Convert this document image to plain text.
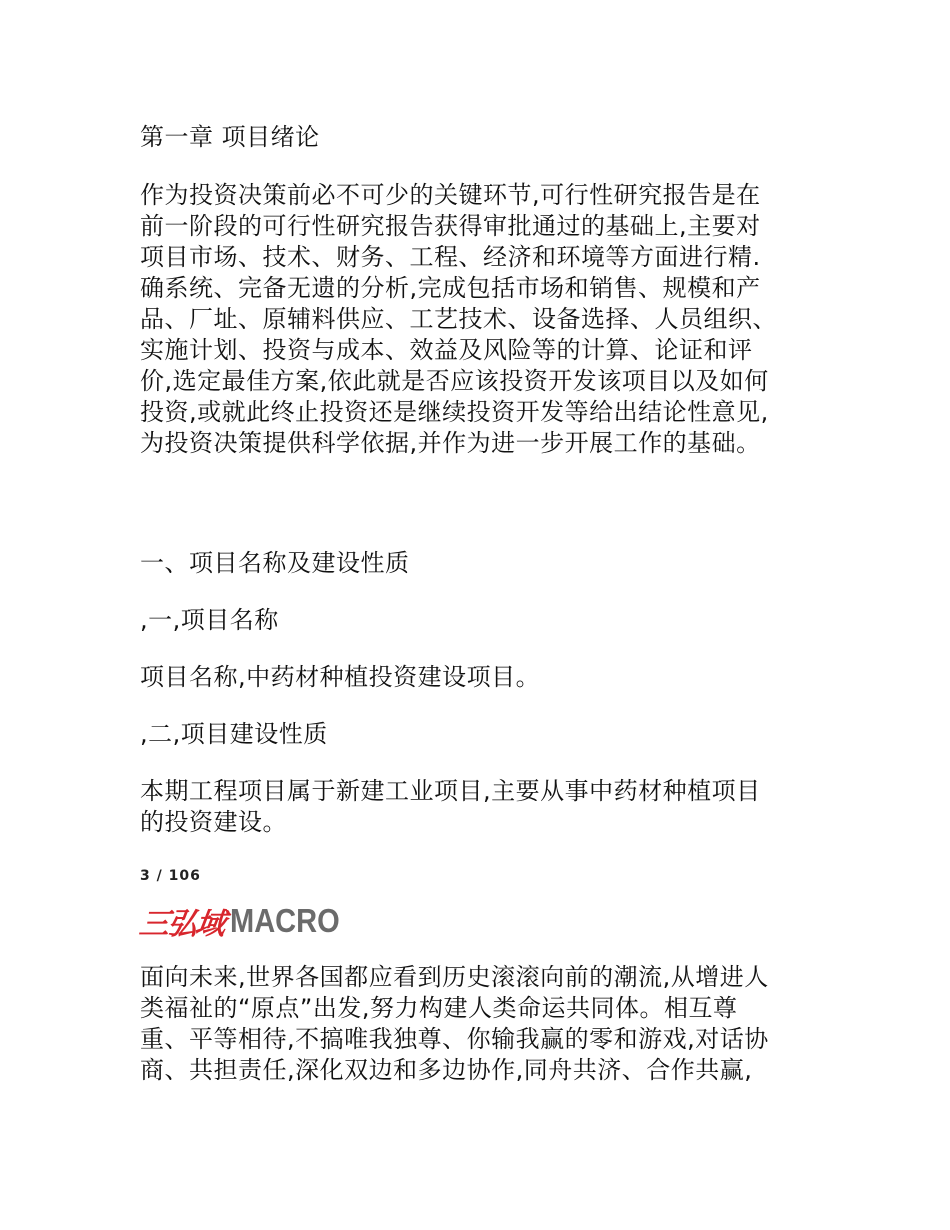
第一章 项目绪论
作为投资决策前必不可少的关键环节,可行性研究报告是在
前一阶段的可行性研究报告获得审批通过的基础上,主要对
项目市场、技术、财务、工程、经济和环境等方面进行精.
确系统、完备无遗的分析,完成包括市场和销售、规模和产
品、厂址、原辅料供应、工艺技术、设备选择、人员组织、
实施计划、投资与成本、效益及风险等的计算、论证和评
价,选定最佳方案,依此就是否应该投资开发该项目以及如何
投资,或就此终止投资还是继续投资开发等给出结论性意见,
为投资决策提供科学依据,并作为进一步开展工作的基础。
一、项目名称及建设性质
,一,项目名称
项目名称,中药材种植投资建设项目。
,二,项目建设性质
本期工程项目属于新建工业项目,主要从事中药材种植项目
的投资建设。
3 / 106
三弘域 MACRO
面向未来,世界各国都应看到历史滚滚向前的潮流,从增进人
类福祉的“原点”出发,努力构建人类命运共同体。相互尊
重、平等相待,不搞唯我独尊、你输我赢的零和游戏,对话协
商、共担责任,深化双边和多边协作,同舟共济、合作共赢,
